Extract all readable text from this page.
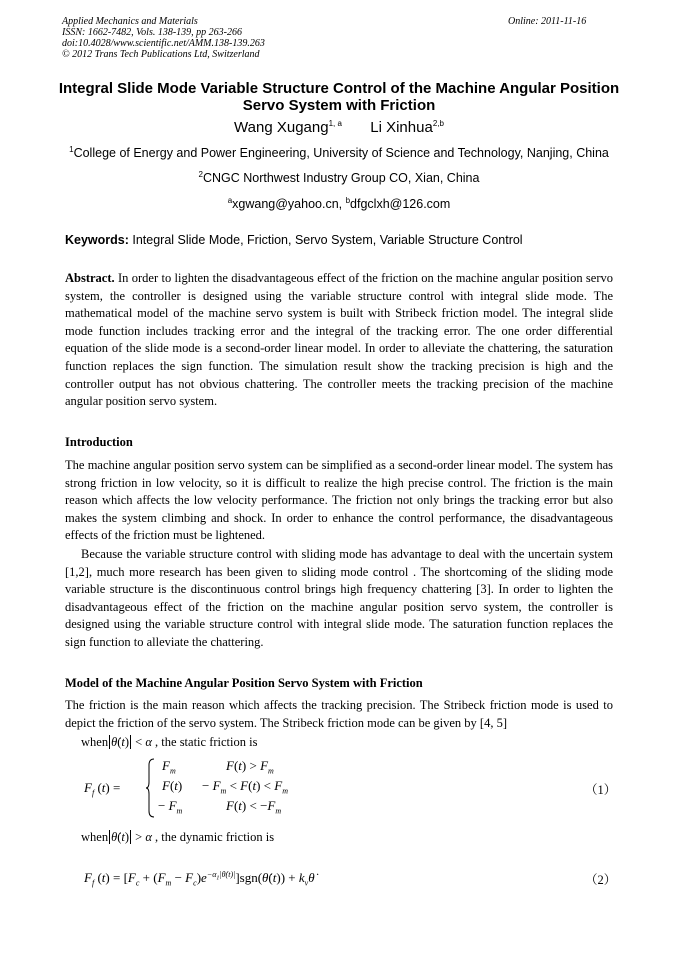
Applied Mechanics and Materials
ISSN: 1662-7482, Vols. 138-139, pp 263-266
doi:10.4028/www.scientific.net/AMM.138-139.263
© 2012 Trans Tech Publications Ltd, Switzerland
Online: 2011-11-16
Integral Slide Mode Variable Structure Control of the Machine Angular Position Servo System with Friction
Wang Xugang$^{1, a}$ Li Xinhua$^{2,b}$
$^1$College of Energy and Power Engineering, University of Science and Technology, Nanjing, China
$^2$CNGC Northwest Industry Group CO, Xian, China
$^a$xgwang@yahoo.cn, $^b$dfgclxh@126.com
Keywords: Integral Slide Mode, Friction, Servo System, Variable Structure Control
Abstract. In order to lighten the disadvantageous effect of the friction on the machine angular position servo system, the controller is designed using the variable structure control with integral slide mode. The mathematical model of the machine servo system is built with Stribeck friction model. The integral slide mode function includes tracking error and the integral of the tracking error. The one order differential equation of the slide mode is a second-order linear model. In order to alleviate the chattering, the saturation function replaces the sign function. The simulation result show the tracking precision is high and the controller output has not obvious chattering. The controller meets the tracking precision of the machine angular position servo system.
Introduction
The machine angular position servo system can be simplified as a second-order linear model. The system has strong friction in low velocity, so it is difficult to realize the high precise control. The friction is the main reason which affects the low velocity performance. The friction not only brings the tracking error but also makes the system climbing and shock. In order to enhance the control performance, the disadvantageous effects of the friction must be lightened.
Because the variable structure control with sliding mode has advantage to deal with the uncertain system [1,2], much more research has been given to sliding mode control . The shortcoming of the sliding mode variable structure is the discontinuous control brings high frequency chattering [3]. In order to lighten the disadvantageous effect of the friction on the machine angular position servo system, the controller is designed using the variable structure control with integral slide mode. The saturation function replaces the sign function to alleviate the chattering.
Model of the Machine Angular Position Servo System with Friction
The friction is the main reason which affects the tracking precision. The Stribeck friction mode is used to depict the friction of the servo system. The Stribeck friction mode can be given by [4, 5]
when θ̇(t) < α , the static friction is
$F_f$ (t) =
$F_m$
F(t)
− $F_m$
$F(t) > F_m$
− $F_m < F(t) < F_m$
$F(t) < -F_m$
（1）
when θ̇(t) > α , the dynamic friction is
$F_f$ $(t) = [F_c + (F_m$ − $F_c)e^{-\alpha_1|\thetȧ(t)|}]sgn(\thetȧ(t))$ + $k_v\thetȧ$	（2）
